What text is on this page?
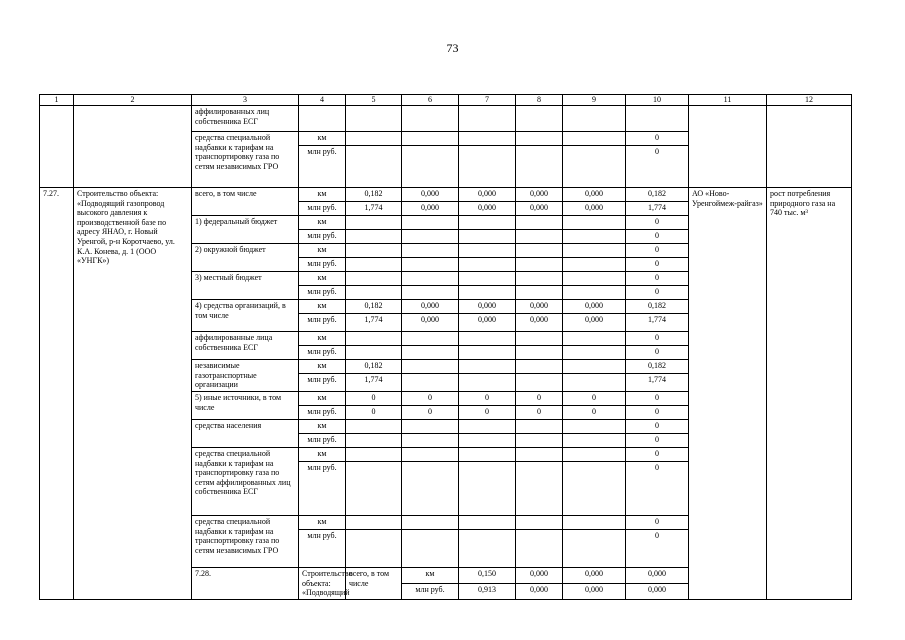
73
1	2	3	4	5	6	7	8	9	10	11	12	
		аффилированных лиц собственника ЕСГ										
		средства специальной надбавки к тарифам на транспортировку газа по сетям независимых ГРО	км						0			
			млн руб.						0			
7.27.	Строительство объекта: «Подводящий газопровод высокого давления к производственной базе по адресу ЯНАО, г. Новый Уренгой, р-н Коротчаево, ул. К.А. Конева, д. 1 (ООО «УНГК»)	всего, в том числе	км	0,182	0,000	0,000	0,000	0,000	0,182	АО «Ново-Уренгоймеж-райгаз»	рост потребления природного газа на 740 тыс. м³	
			млн руб.	1,774	0,000	0,000	0,000	0,000	1,774			
		1) федеральный бюджет	км						0			
			млн руб.						0			
		2) окружной бюджет	км						0			
			млн руб.						0			
		3) местный бюджет	км						0			
			млн руб.						0			
		4) средства организаций, в том числе	км	0,182	0,000	0,000	0,000	0,000	0,182			
			млн руб.	1,774	0,000	0,000	0,000	0,000	1,774			
		аффилированные лица собственника ЕСГ	км						0			
			млн руб.						0			
		независимые газотранспортные организации	км	0,182					0,182			
			млн руб.	1,774					1,774			
		5) иные источники, в том числе	км	0	0	0	0	0	0			
			млн руб.	0	0	0	0	0	0			
		средства населения	км						0			
			млн руб.						0			
		средства специальной надбавки к тарифам на транспортировку газа по сетям аффилированных лиц собственника ЕСГ	км						0			
			млн руб.						0			
		средства специальной надбавки к тарифам на транспортировку газа по сетям независимых ГРО	км						0			
			млн руб.						0			
		7.28.	Строительство объекта: «Подводящий	всего, в том числе	км	0,150	0,000	0,000	0,000				
					млн руб.	0,913	0,000	0,000	0,000		
